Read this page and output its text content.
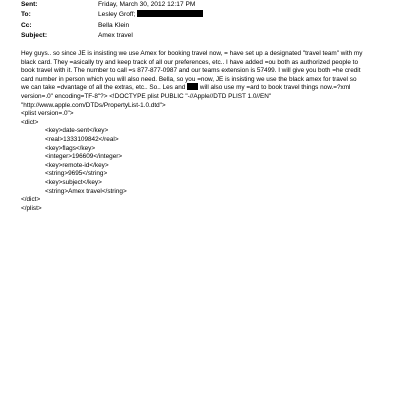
Sent:	Friday, March 30, 2012 12:17 PM
To:	Lesley Groff;
Cc:	Bella Klein
Subject:	Amex travel
Hey guys.. so since JE is insisting we use Amex for booking travel now, = have set up a designated "travel team" with my
black card. They =asically try and keep track of all our preferences, etc.. I have added =ou both as authorized people to
book travel with it. The number to call =s 877-877-0987 and our teams extension is 57499. I will give you both =he credit
card number in person which you will also need. Bella, so you =now, JE is insisting we use the black amex for travel so
we can take =dvantage of all the extras, etc.. So.. Les and  will also use my =ard to book travel things now.=?xml
version=.0" encoding=TF-8"?> <!DOCTYPE plist PUBLIC "-//Apple//DTD PLIST 1.0//EN"
"http://www.apple.com/DTDs/PropertyList-1.0.dtd">
<plist version=.0">
<dict>
<key>date-sent</key>
<real>1333109842</real>
<key>flags</key>
<integer>196609</integer>
<key>remote-id</key>
<string>9695</string>
<key>subject</key>
<string>Amex travel</string>
</dict>
</plist>
